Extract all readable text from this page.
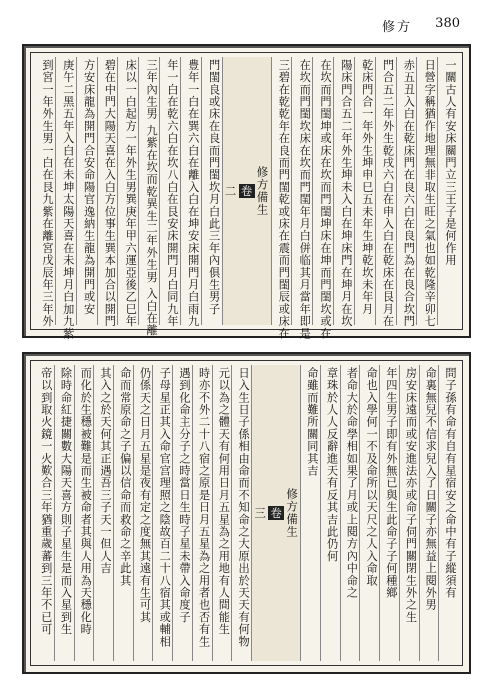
修方 380
一關古人有安床關門立三王子是何作用
日營字稱猶作地理無非取生旺之氣也如乾隆辛卯七
赤五丑入白在乾床門在良六白在良門為在良合坎門
門合五二年外生乾戌六白在申入白在乾床在艮月在
乾床門合一年外生坤申巳五未年生坤乾坎未年月
陽床門合五二年外生坤未入白在坤床門在坤月在坎
在坎而門閨坤或床在坎而門閨坤床在坤而門閨坎或在
在坎而門閨坎床在坎而門閨年月白併临其月當年即是
三碧在乾乾年在良而門閨乾或床在震而門閨辰或床在
修方備生
卷
二
門閨良或床在良而門閨坎月白此三年內俱生男子
豊年一白在巽六白在離入白在坤安床開門月白雨九
年一白在乾六白在坎八白在艮安床開門月白同九年
三年內生男 九紫在坎而乾異生二年外生男 入白在離
床以一白起方一年外生男巽庚年甲六運亞後乙巳年
碧在中門大陽天喜在入白方位事生巽本加合以開門
方安床龍為開門合安命陽官逸納生龍為開門或安
庚午二黑五年入白在未坤太陽天喜在未坤月白加九紫
到宮一年外生男一白在艮九紫在離宮戊辰年三年外
問子孫有命有自有星宿安之命中有子縱須有
命裏無兒不信求兒入了日關子亦無益上閱外男
房安床遠而或安進法亦或命子伺門關閉生外之生
年四生男子即有外無已與生此命子子何種鄉
命也入學何一不及命所以天尺之人入命取
者命大於命學相如果了月或上閱方內中命之
章珠於人人反辭進天有反其吉此仍何
命雖而難所關同其吉
修方備生
卷
三
日入生日子係相由命而不知命之大原出於天天有何物
元以為之體天有何用日月五星為之用地有人間能生
時亦不外二十八宿之原是日月五星為之用者也否有生
遇到化命主分子之時當日生時子星未帶入命度子
子母星正其入命官宫理照之陰故百二十八宿其或輔相
仍係天之日月五星是夜有定之度無其遠有生可其
命而常原命之子偏以信命而救命之辛此其
其入之於天何其正遇吾三子天一但人吉
而化於生穩被難是而生被命者其與人用為天穩化時
除時命紅捷關數大陽天喜方則子星生是而入星到生
帝以到取火鏡一火歎合三年猶重歲蕃到三年不已可
